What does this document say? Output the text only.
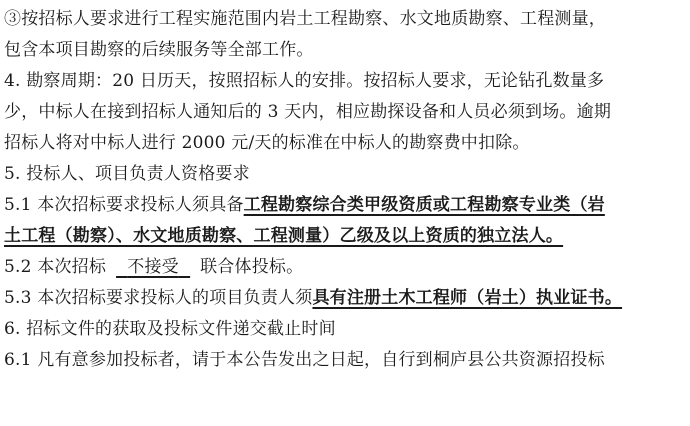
③按招标人要求进行工程实施范围内岩土工程勘察、水文地质勘察、工程测量，
包含本项目勘察的后续服务等全部工作。
4. 勘察周期：20 日历天，按照招标人的安排。按招标人要求，无论钻孔数量多
少，中标人在接到招标人通知后的 3 天内，相应勘探设备和人员必须到场。逾期
招标人将对中标人进行 2000 元/天的标准在中标人的勘察费中扣除。
5. 投标人、项目负责人资格要求
5.1 本次招标要求投标人须具备工程勘察综合类甲级资质或工程勘察专业类（岩
土工程（勘察）、水文地质勘察、工程测量）乙级及以上资质的独立法人。
5.2 本次招标 不接受 联合体投标。
5.3 本次招标要求投标人的项目负责人须具有注册土木工程师（岩土）执业证书。
6. 招标文件的获取及投标文件递交截止时间
6.1 凡有意参加投标者，请于本公告发出之日起，自行到桐庐县公共资源招投标
